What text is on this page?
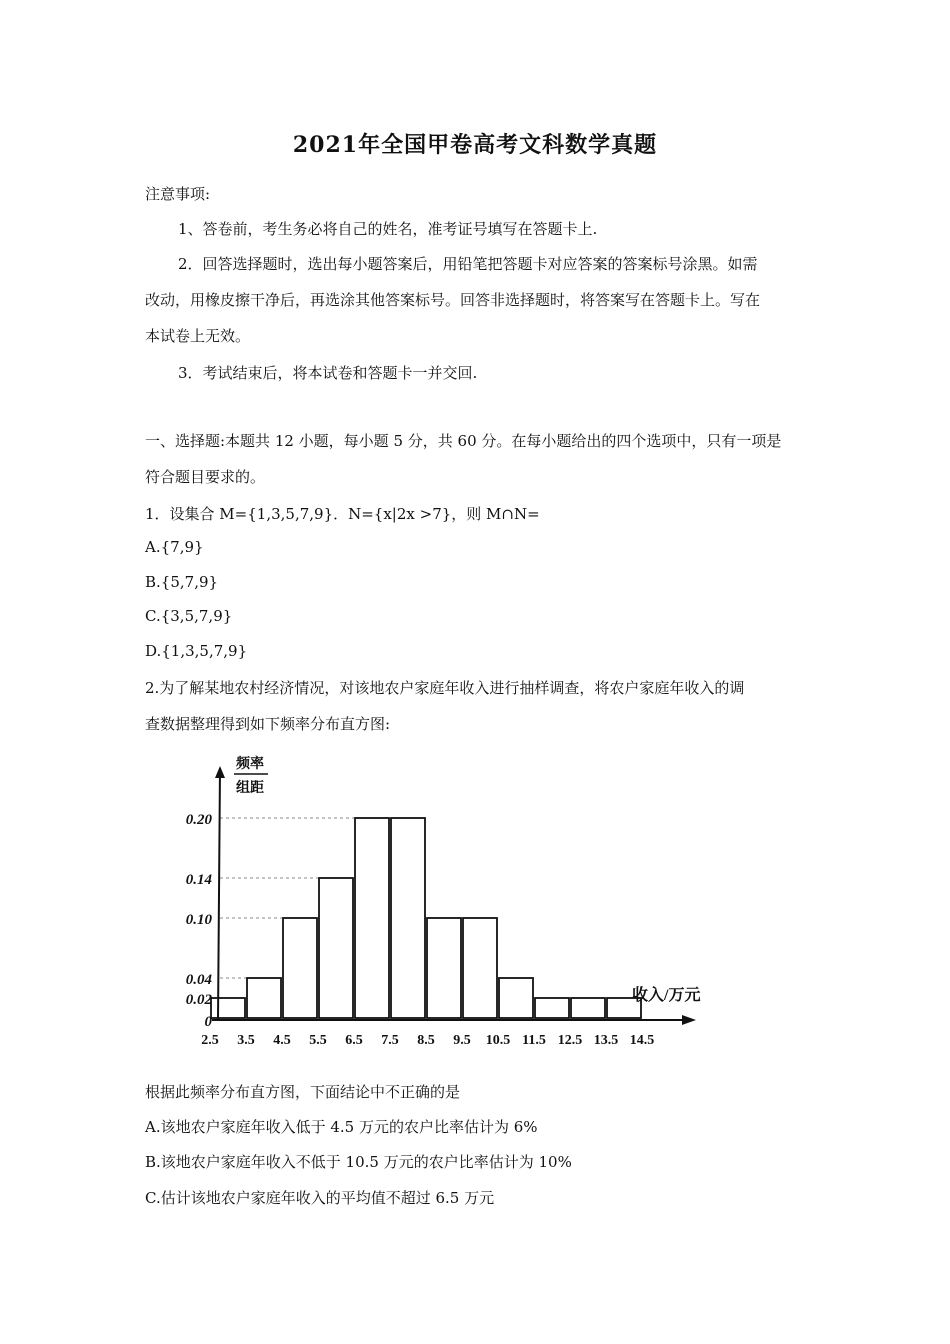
2021年全国甲卷高考文科数学真题
注意事项:
1、答卷前，考生务必将自己的姓名，准考证号填写在答题卡上.
2．回答选择题时，选出每小题答案后，用铅笔把答题卡对应答案的答案标号涂黑。如需
改动，用橡皮擦干净后，再选涂其他答案标号。回答非选择题时，将答案写在答题卡上。写在
本试卷上无效。
3．考试结束后，将本试卷和答题卡一并交回.
一、选择题:本题共 12 小题，每小题 5 分，共 60 分。在每小题给出的四个选项中，只有一项是
符合题目要求的。
1．设集合 M={1,3,5,7,9}．N={x|2x >7}，则 M∩N=
A.{7,9}
B.{5,7,9}
C.{3,5,7,9}
D.{1,3,5,7,9}
2.为了解某地农村经济情况，对该地农户家庭年收入进行抽样调查，将农户家庭年收入的调
查数据整理得到如下频率分布直方图:
0
0.02
0.04
0.10
0.14
0.20
2.5 3.5 4.5 5.5 6.5 7.5 8.5 9.5 10.5 11.5 12.5 13.5 14.5
频率
组距
收入/万元
根据此频率分布直方图，下面结论中不正确的是
A.该地农户家庭年收入低于 4.5 万元的农户比率估计为 6%
B.该地农户家庭年收入不低于 10.5 万元的农户比率估计为 10%
C.估计该地农户家庭年收入的平均值不超过 6.5 万元
